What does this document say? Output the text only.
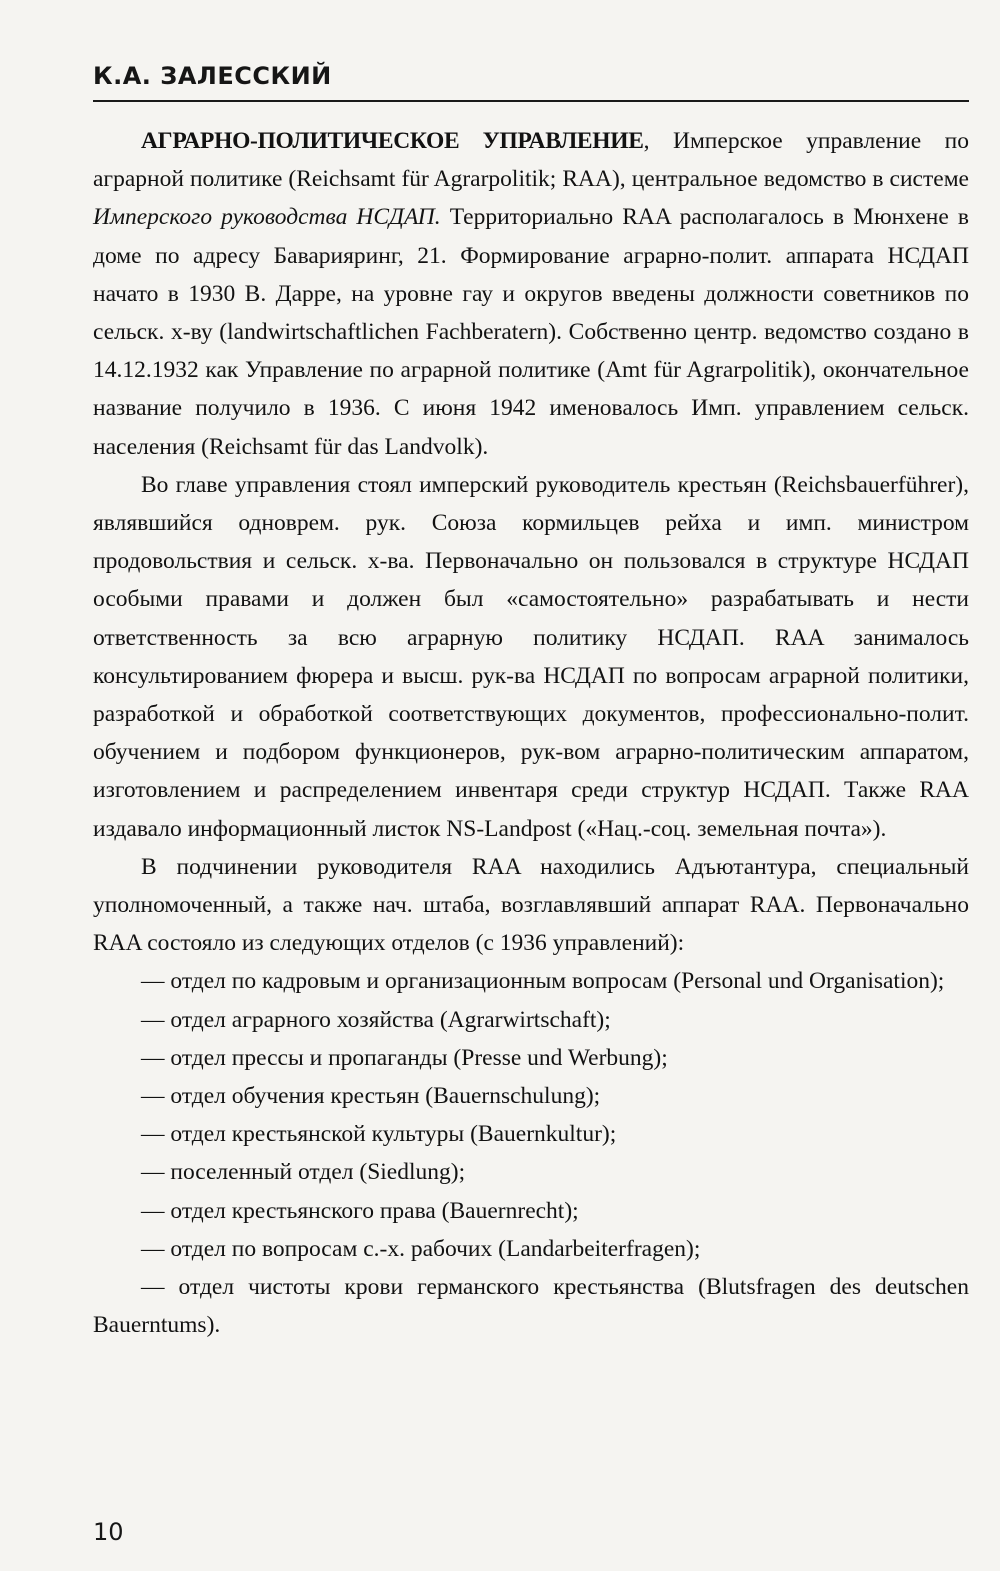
К.А. ЗАЛЕССКИЙ

АГРАРНО-ПОЛИТИЧЕСКОЕ УПРАВЛЕНИЕ, Имперское управление по аграрной политике (Reichsamt für Agrarpolitik; RAA), центральное ведомство в системе Имперского руководства НСДАП. Территориально RAA располагалось в Мюнхене в доме по адресу Баварияринг, 21. Формирование аграрно-полит. аппарата НСДАП начато в 1930 В. Дарре, на уровне гау и округов введены должности советников по сельск. х-ву (landwirtschaftlichen Fachberatern). Собственно центр. ведомство создано в 14.12.1932 как Управление по аграрной политике (Amt für Agrarpolitik), окончательное название получило в 1936. С июня 1942 именовалось Имп. управлением сельск. населения (Reichsamt für das Landvolk).

Во главе управления стоял имперский руководитель крестьян (Reichsbauerführer), являвшийся одноврем. рук. Союза кормильцев рейха и имп. министром продовольствия и сельск. х-ва. Первоначально он пользовался в структуре НСДАП особыми правами и должен был «самостоятельно» разрабатывать и нести ответственность за всю аграрную политику НСДАП. RAA занималось консультированием фюрера и высш. рук-ва НСДАП по вопросам аграрной политики, разработкой и обработкой соответствующих документов, профессионально-полит. обучением и подбором функционеров, рук-вом аграрно-политическим аппаратом, изготовлением и распределением инвентаря среди структур НСДАП. Также RAA издавало информационный листок NS-Landpost («Нац.-соц. земельная почта»).

В подчинении руководителя RAA находились Адъютантура, специальный уполномоченный, а также нач. штаба, возглавлявший аппарат RAA. Первоначально RAA состояло из следующих отделов (с 1936 управлений):

— отдел по кадровым и организационным вопросам (Personal und Organisation);
— отдел аграрного хозяйства (Agrarwirtschaft);
— отдел прессы и пропаганды (Presse und Werbung);
— отдел обучения крестьян (Bauernschulung);
— отдел крестьянской культуры (Bauernkultur);
— поселенный отдел (Siedlung);
— отдел крестьянского права (Bauernrecht);
— отдел по вопросам с.-х. рабочих (Landarbeiterfragen);
— отдел чистоты крови германского крестьянства (Blutsfragen des deutschen Bauerntums).
10
